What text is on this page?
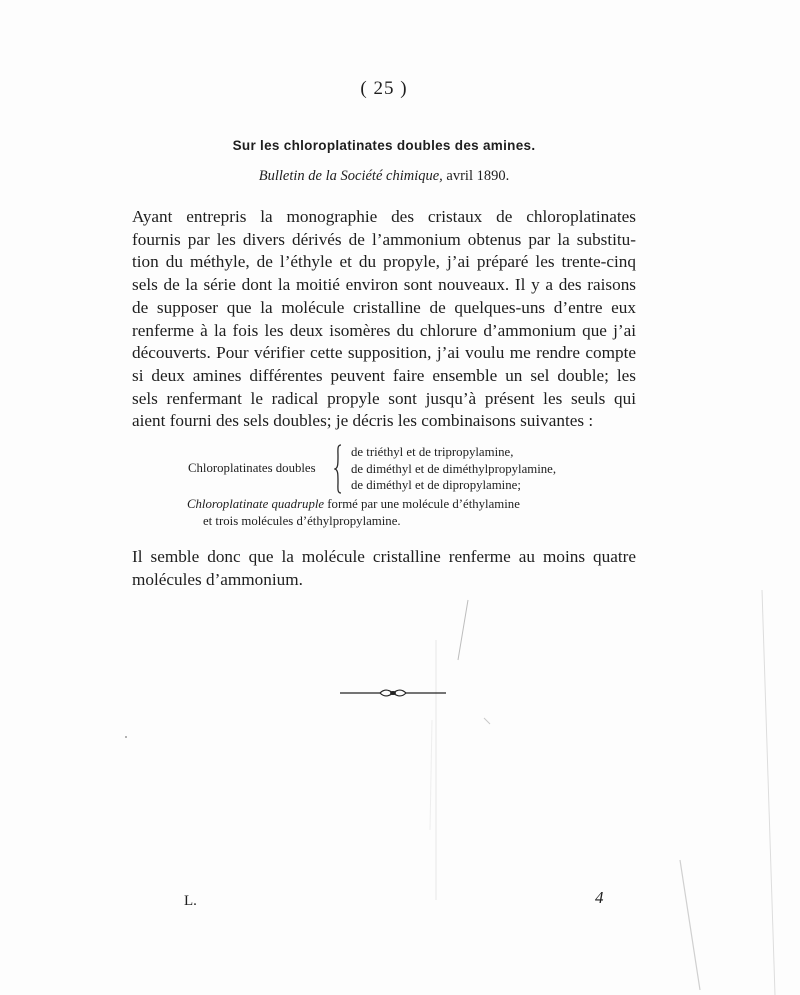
( 25 )
Sur les chloroplatinates doubles des amines.
Bulletin de la Société chimique, avril 1890.

Ayant entrepris la monographie des cristaux de chloroplatinates
fournis par les divers dérivés de l’ammonium obtenus par la substitu-
tion du méthyle, de l’éthyle et du propyle, j’ai préparé les trente-cinq
sels de la série dont la moitié environ sont nouveaux. Il y a des raisons
de supposer que la molécule cristalline de quelques-uns d’entre eux
renferme à la fois les deux isomères du chlorure d’ammonium que j’ai
découverts. Pour vérifier cette supposition, j’ai voulu me rendre compte
si deux amines différentes peuvent faire ensemble un sel double; les
sels renfermant le radical propyle sont jusqu’à présent les seuls qui
aient fourni des sels doubles; je décris les combinaisons suivantes :

Chloroplatinates doubles
de triéthyl et de tripropylamine,
de diméthyl et de diméthylpropylamine,
de diméthyl et de dipropylamine;
Chloroplatinate quadruple formé par une molécule d’éthylamine
et trois molécules d’éthylpropylamine.

Il semble donc que la molécule cristalline renferme au moins quatre
molécules d’ammonium.

L.	4
